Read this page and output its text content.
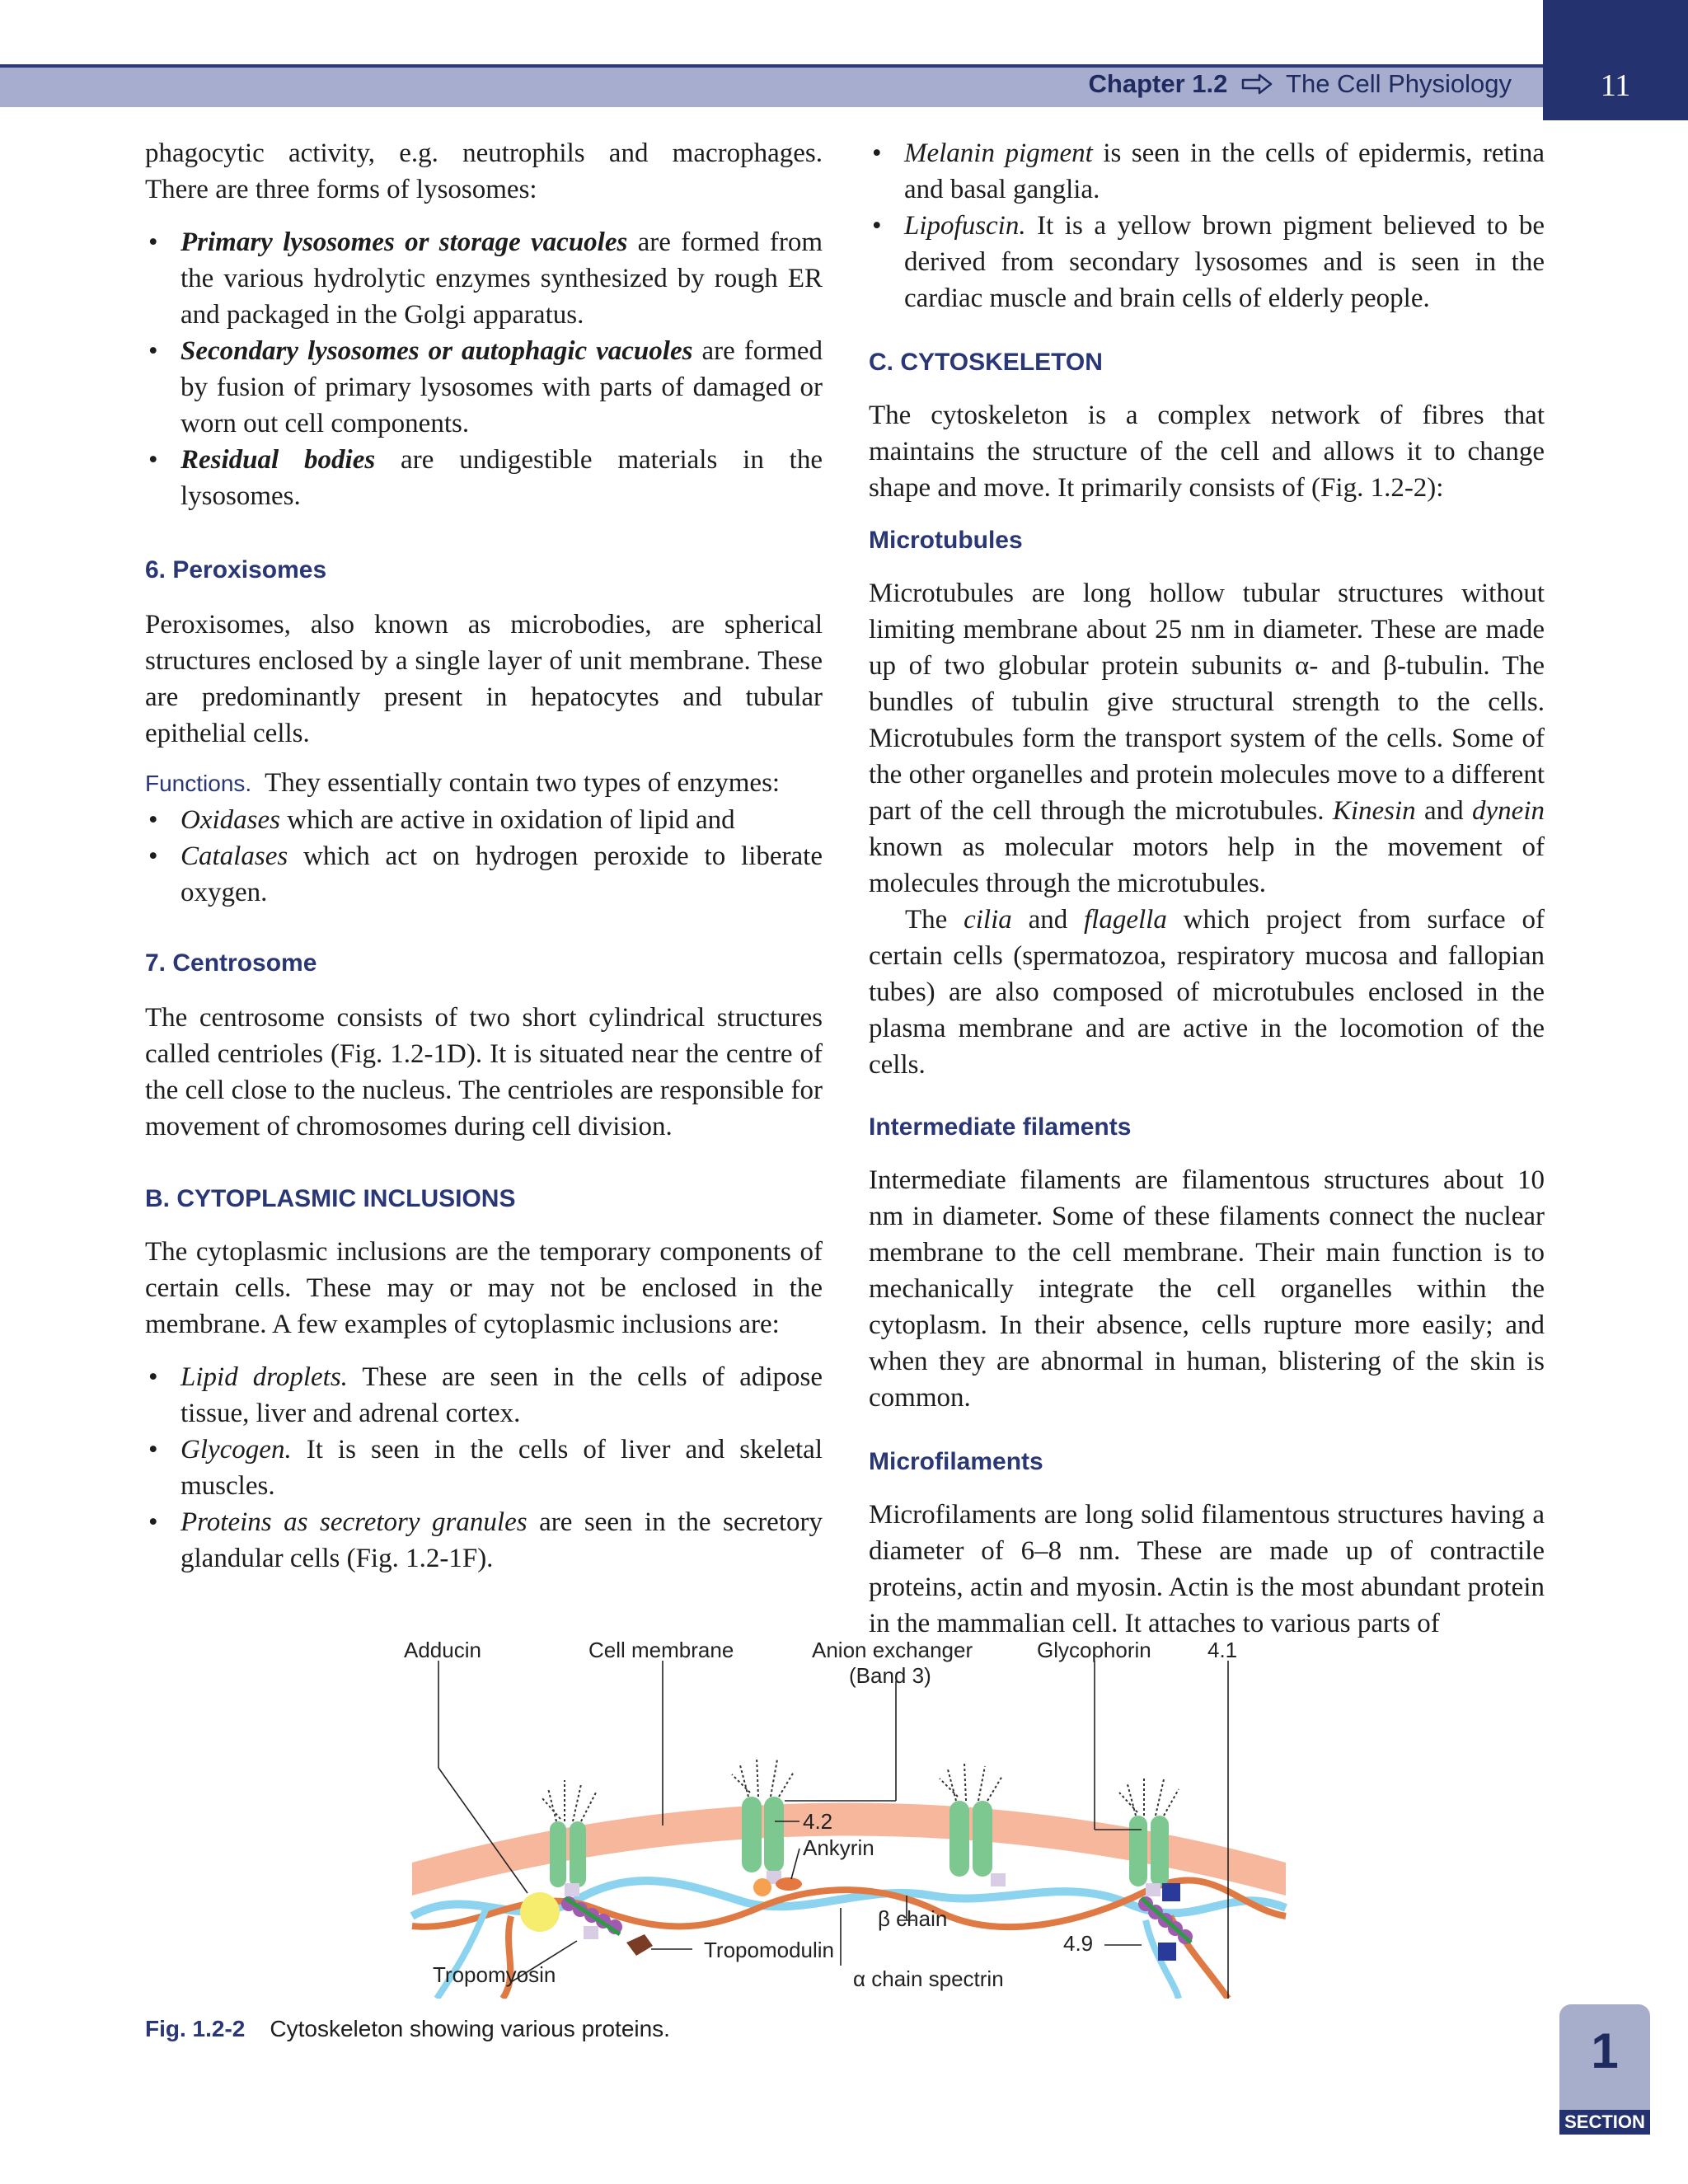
Chapter 1.2 The Cell Physiology	11

phagocytic activity, e.g. neutrophils and macrophages.

There are three forms of lysosomes:

• Primary lysosomes or storage vacuoles are formed from the various hydrolytic enzymes synthesized by rough ER and packaged in the Golgi apparatus.
• Secondary lysosomes or autophagic vacuoles are formed by fusion of primary lysosomes with parts of damaged or worn out cell components.
• Residual bodies are undigestible materials in the lysosomes.

6. Peroxisomes

Peroxisomes, also known as microbodies, are spherical structures enclosed by a single layer of unit membrane. These are predominantly present in hepatocytes and tubular epithelial cells.

Functions. They essentially contain two types of enzymes:

• Oxidases which are active in oxidation of lipid and
• Catalases which act on hydrogen peroxide to liberate oxygen.

7. Centrosome

The centrosome consists of two short cylindrical structures called centrioles (Fig. 1.2-1D). It is situated near the centre of the cell close to the nucleus. The centrioles are responsible for movement of chromosomes during cell division.

B. CYTOPLASMIC INCLUSIONS

The cytoplasmic inclusions are the temporary components of certain cells. These may or may not be enclosed in the membrane. A few examples of cytoplasmic inclusions are:

• Lipid droplets. These are seen in the cells of adipose tissue, liver and adrenal cortex.
• Glycogen. It is seen in the cells of liver and skeletal muscles.
• Proteins as secretory granules are seen in the secretory glandular cells (Fig. 1.2-1F).
• Melanin pigment is seen in the cells of epidermis, retina and basal ganglia.
• Lipofuscin. It is a yellow brown pigment believed to be derived from secondary lysosomes and is seen in the cardiac muscle and brain cells of elderly people.

C. CYTOSKELETON

The cytoskeleton is a complex network of fibres that maintains the structure of the cell and allows it to change shape and move. It primarily consists of (Fig. 1.2-2):

Microtubules

Microtubules are long hollow tubular structures without limiting membrane about 25 nm in diameter. These are made up of two globular protein subunits α- and β-tubulin. The bundles of tubulin give structural strength to the cells. Microtubules form the transport system of the cells. Some of the other organelles and protein molecules move to a different part of the cell through the microtubules. Kinesin and dynein known as molecular motors help in the movement of molecules through the microtubules.

The cilia and flagella which project from surface of certain cells (spermatozoa, respiratory mucosa and fallopian tubes) are also composed of microtubules enclosed in the plasma membrane and are active in the locomotion of the cells.

Intermediate filaments

Intermediate filaments are filamentous structures about 10 nm in diameter. Some of these filaments connect the nuclear membrane to the cell membrane. Their main function is to mechanically integrate the cell organelles within the cytoplasm. In their absence, cells rupture more easily; and when they are abnormal in human, blistering of the skin is common.

Microfilaments

Microfilaments are long solid filamentous structures having a diameter of 6–8 nm. These are made up of contractile proteins, actin and myosin. Actin is the most abundant protein in the mammalian cell. It attaches to various parts of

Adducin	Cell membrane	Anion exchanger
(Band 3)
Glycophorin	4.1
4.2
Ankyrin
4.9
Tropomodulin
β chain
α chain spectrin
Tropomyosin
Fig. 1.2-2 Cytoskeleton showing various proteins.	1
SECTION
